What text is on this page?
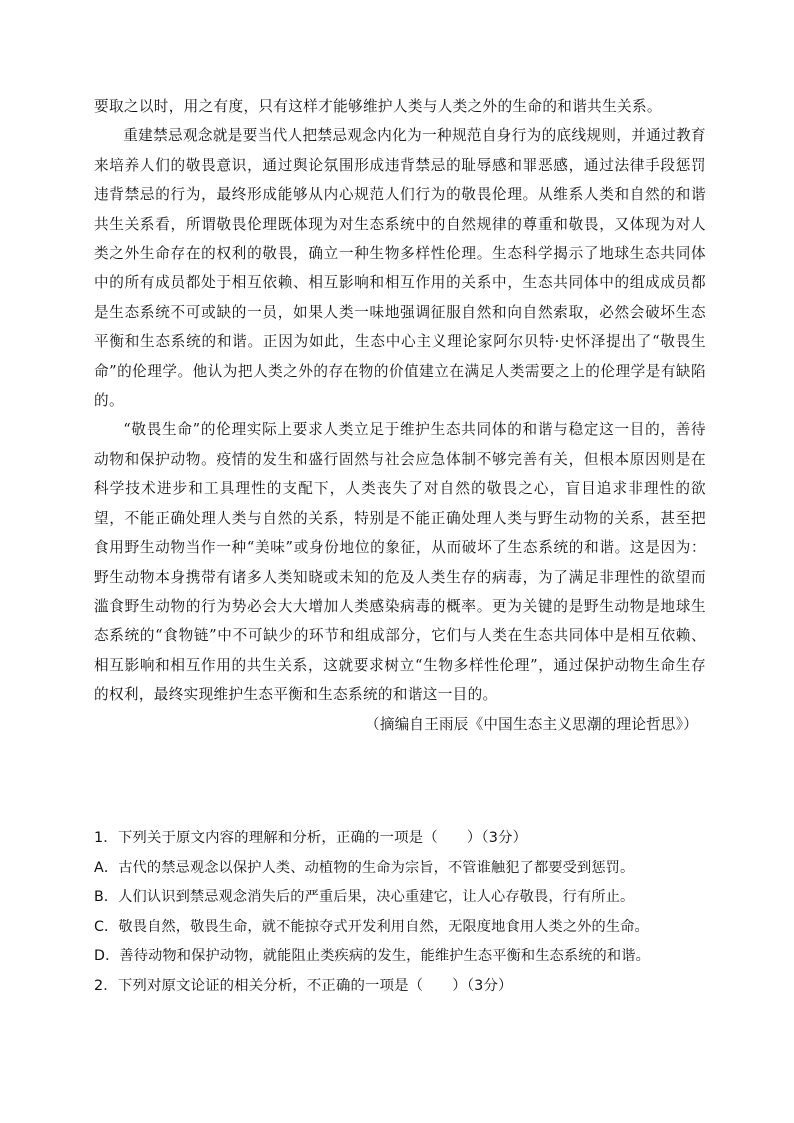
要取之以时，用之有度，只有这样才能够维护人类与人类之外的生命的和谐共生关系。

重建禁忌观念就是要当代人把禁忌观念内化为一种规范自身行为的底线规则，并通过教育来培养人们的敬畏意识，通过舆论氛围形成违背禁忌的耻辱感和罪恶感，通过法律手段惩罚违背禁忌的行为，最终形成能够从内心规范人们行为的敬畏伦理。从维系人类和自然的和谐共生关系看，所谓敬畏伦理既体现为对生态系统中的自然规律的尊重和敬畏，又体现为对人类之外生命存在的权利的敬畏，确立一种生物多样性伦理。生态科学揭示了地球生态共同体中的所有成员都处于相互依赖、相互影响和相互作用的关系中，生态共同体中的组成成员都是生态系统不可或缺的一员，如果人类一味地强调征服自然和向自然索取，必然会破坏生态平衡和生态系统的和谐。正因为如此，生态中心主义理论家阿尔贝特·史怀泽提出了“敬畏生命”的伦理学。他认为把人类之外的存在物的价值建立在满足人类需要之上的伦理学是有缺陷的。

“敬畏生命”的伦理实际上要求人类立足于维护生态共同体的和谐与稳定这一目的，善待动物和保护动物。疫情的发生和盛行固然与社会应急体制不够完善有关，但根本原因则是在科学技术进步和工具理性的支配下，人类丧失了对自然的敬畏之心，盲目追求非理性的欲望，不能正确处理人类与自然的关系，特别是不能正确处理人类与野生动物的关系，甚至把食用野生动物当作一种“美味”或身份地位的象征，从而破坏了生态系统的和谐。这是因为：野生动物本身携带有诸多人类知晓或未知的危及人类生存的病毒，为了满足非理性的欲望而滥食野生动物的行为势必会大大增加人类感染病毒的概率。更为关键的是野生动物是地球生态系统的“食物链”中不可缺少的环节和组成部分，它们与人类在生态共同体中是相互依赖、相互影响和相互作用的共生关系，这就要求树立“生物多样性伦理”，通过保护动物生命生存的权利，最终实现维护生态平衡和生态系统的和谐这一目的。

（摘编自王雨辰《中国生态主义思潮的理论哲思》）

1．下列关于原文内容的理解和分析，正确的一项是（　　）（3分）

A．古代的禁忌观念以保护人类、动植物的生命为宗旨，不管谁触犯了都要受到惩罚。

B．人们认识到禁忌观念消失后的严重后果，决心重建它，让人心存敬畏，行有所止。

C．敬畏自然，敬畏生命，就不能掠夺式开发利用自然，无限度地食用人类之外的生命。

D．善待动物和保护动物，就能阻止类疾病的发生，能维护生态平衡和生态系统的和谐。

2．下列对原文论证的相关分析，不正确的一项是（　　）（3分）
